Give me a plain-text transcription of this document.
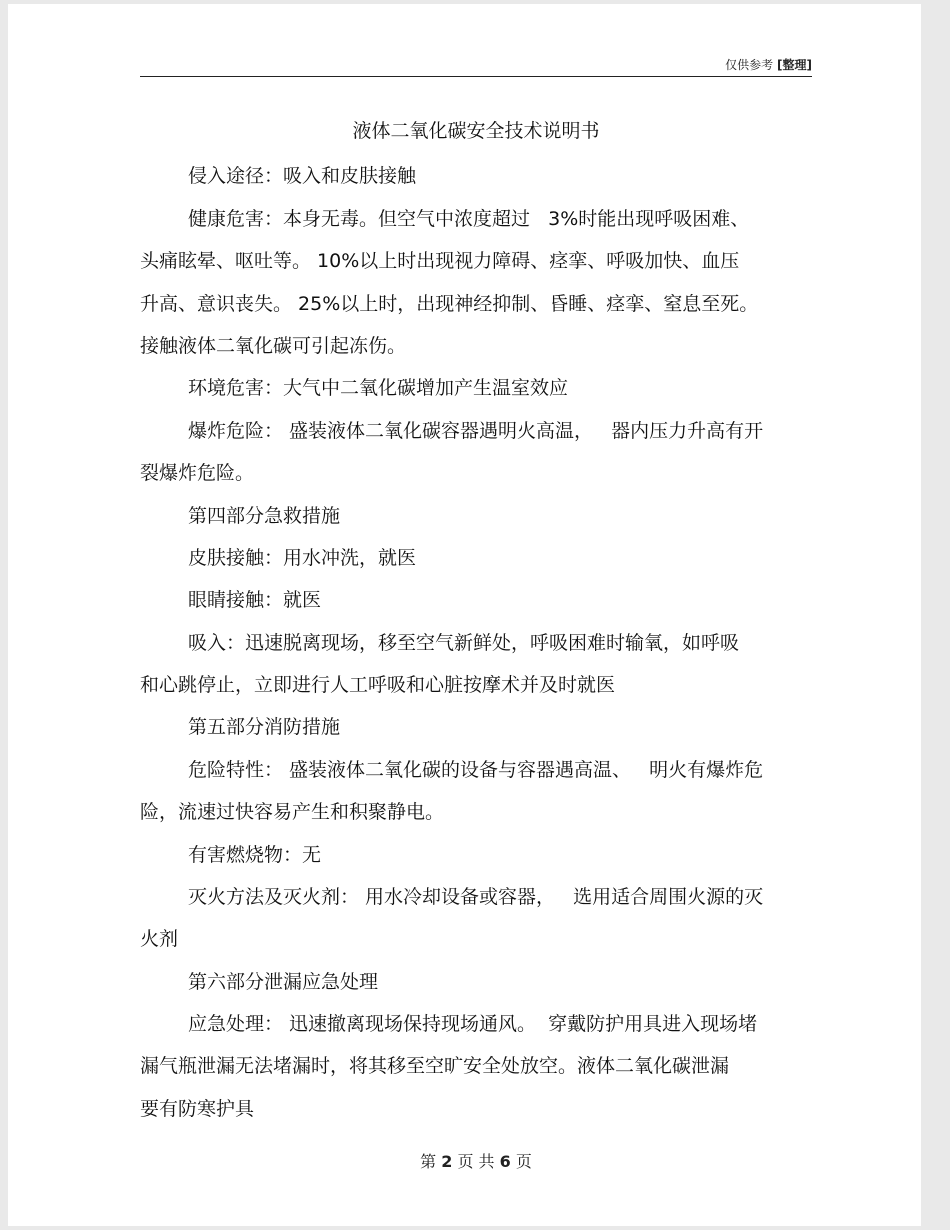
仅供参考 [整理]
液体二氧化碳安全技术说明书
侵入途径：吸入和皮肤接触
健康危害：本身无毒。但空气中浓度超过   3%时能出现呼吸困难、
头痛眩晕、呕吐等。 10%以上时出现视力障碍、痉挛、呼吸加快、血压
升高、意识丧失。 25%以上时，出现神经抑制、昏睡、痉挛、窒息至死。
接触液体二氧化碳可引起冻伤。
环境危害：大气中二氧化碳增加产生温室效应
爆炸危险： 盛装液体二氧化碳容器遇明火高温，   器内压力升高有开
裂爆炸危险。
第四部分急救措施
皮肤接触：用水冲洗，就医
眼睛接触：就医
吸入：迅速脱离现场，移至空气新鲜处，呼吸困难时输氧，如呼吸
和心跳停止，立即进行人工呼吸和心脏按摩术并及时就医
第五部分消防措施
危险特性： 盛装液体二氧化碳的设备与容器遇高温、   明火有爆炸危
险，流速过快容易产生和积聚静电。
有害燃烧物：无
灭火方法及灭火剂： 用水冷却设备或容器，   选用适合周围火源的灭
火剂
第六部分泄漏应急处理
应急处理： 迅速撤离现场保持现场通风。  穿戴防护用具进入现场堵
漏气瓶泄漏无法堵漏时，将其移至空旷安全处放空。液体二氧化碳泄漏
要有防寒护具
第 2 页 共 6 页
